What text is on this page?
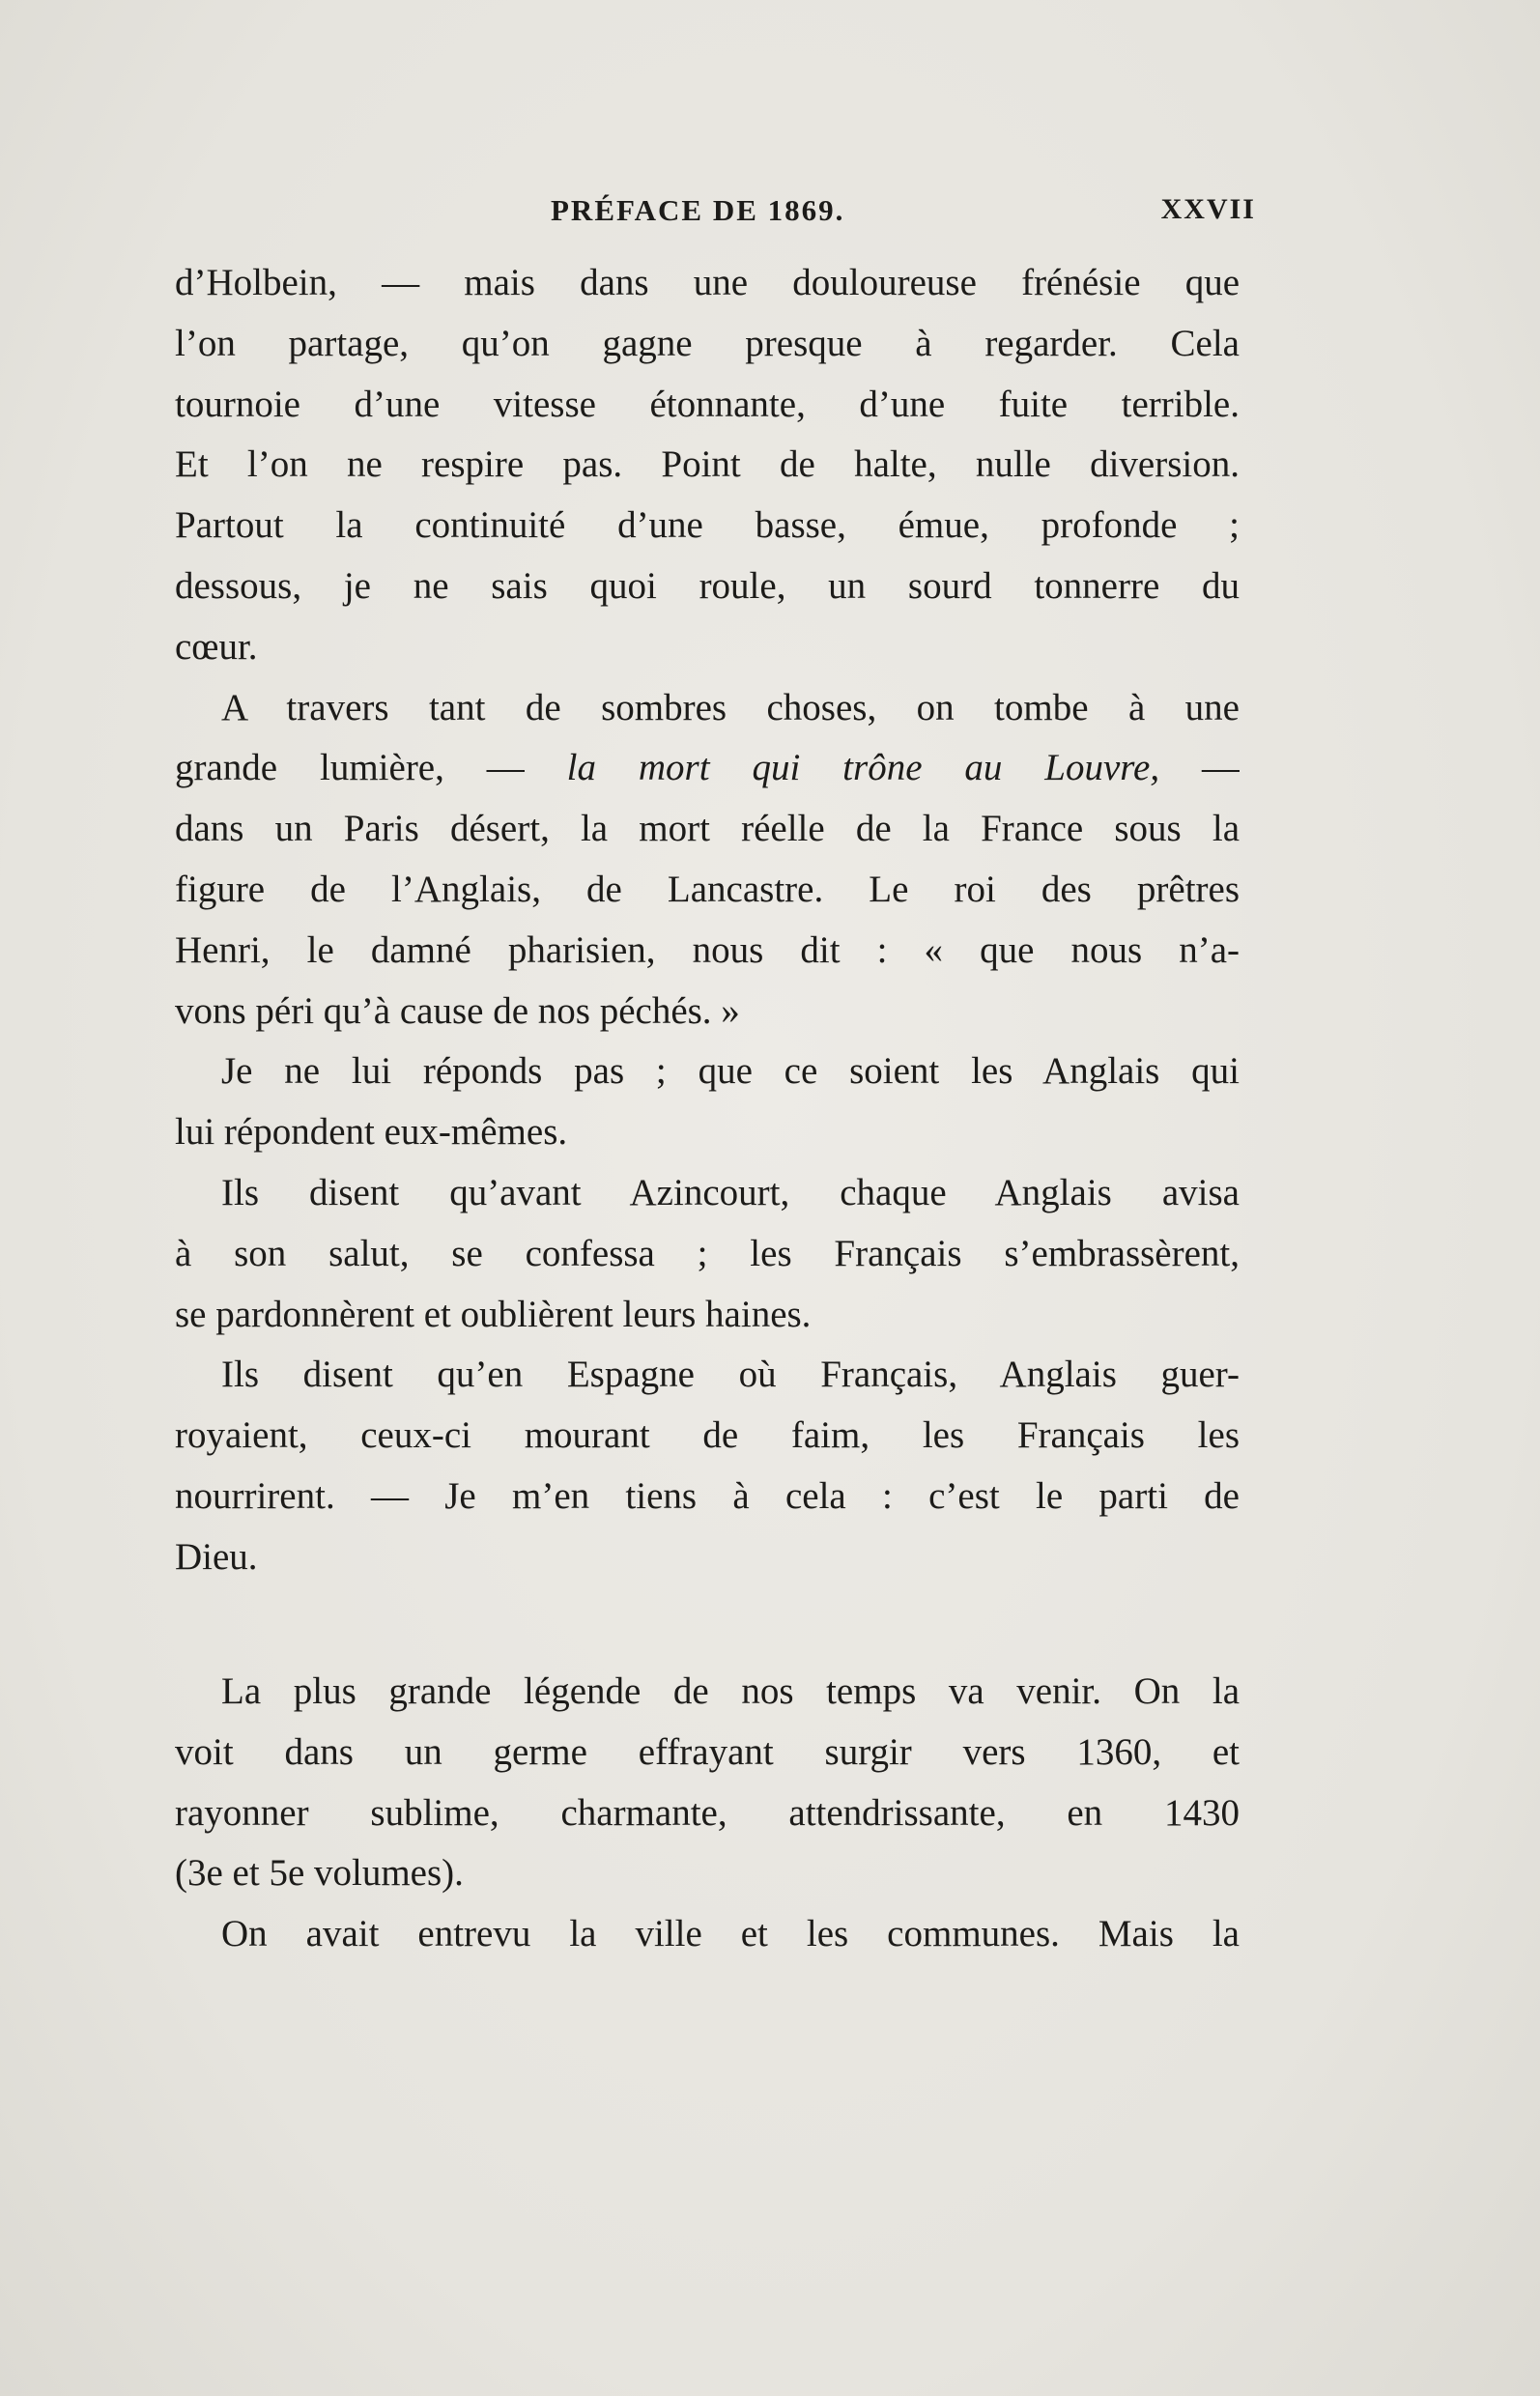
PRÉFACE DE 1869.	XXVII
d’Holbein, — mais dans une douloureuse frénésie que
l’on partage, qu’on gagne presque à regarder. Cela
tournoie d’une vitesse étonnante, d’une fuite terrible.
Et l’on ne respire pas. Point de halte, nulle diversion.
Partout la continuité d’une basse, émue, profonde ;
dessous, je ne sais quoi roule, un sourd tonnerre du
cœur.
A travers tant de sombres choses, on tombe à une
grande lumière, — la mort qui trône au Louvre, —
dans un Paris désert, la mort réelle de la France sous la
figure de l’Anglais, de Lancastre. Le roi des prêtres
Henri, le damné pharisien, nous dit : « que nous n’a-
vons péri qu’à cause de nos péchés. »
Je ne lui réponds pas ; que ce soient les Anglais qui
lui répondent eux-mêmes.
Ils disent qu’avant Azincourt, chaque Anglais avisa
à son salut, se confessa ; les Français s’embrassèrent,
se pardonnèrent et oublièrent leurs haines.
Ils disent qu’en Espagne où Français, Anglais guer-
royaient, ceux-ci mourant de faim, les Français les
nourrirent. — Je m’en tiens à cela : c’est le parti de
Dieu.
La plus grande légende de nos temps va venir. On la
voit dans un germe effrayant surgir vers 1360, et
rayonner sublime, charmante, attendrissante, en 1430
(3e et 5e volumes).
On avait entrevu la ville et les communes. Mais la
